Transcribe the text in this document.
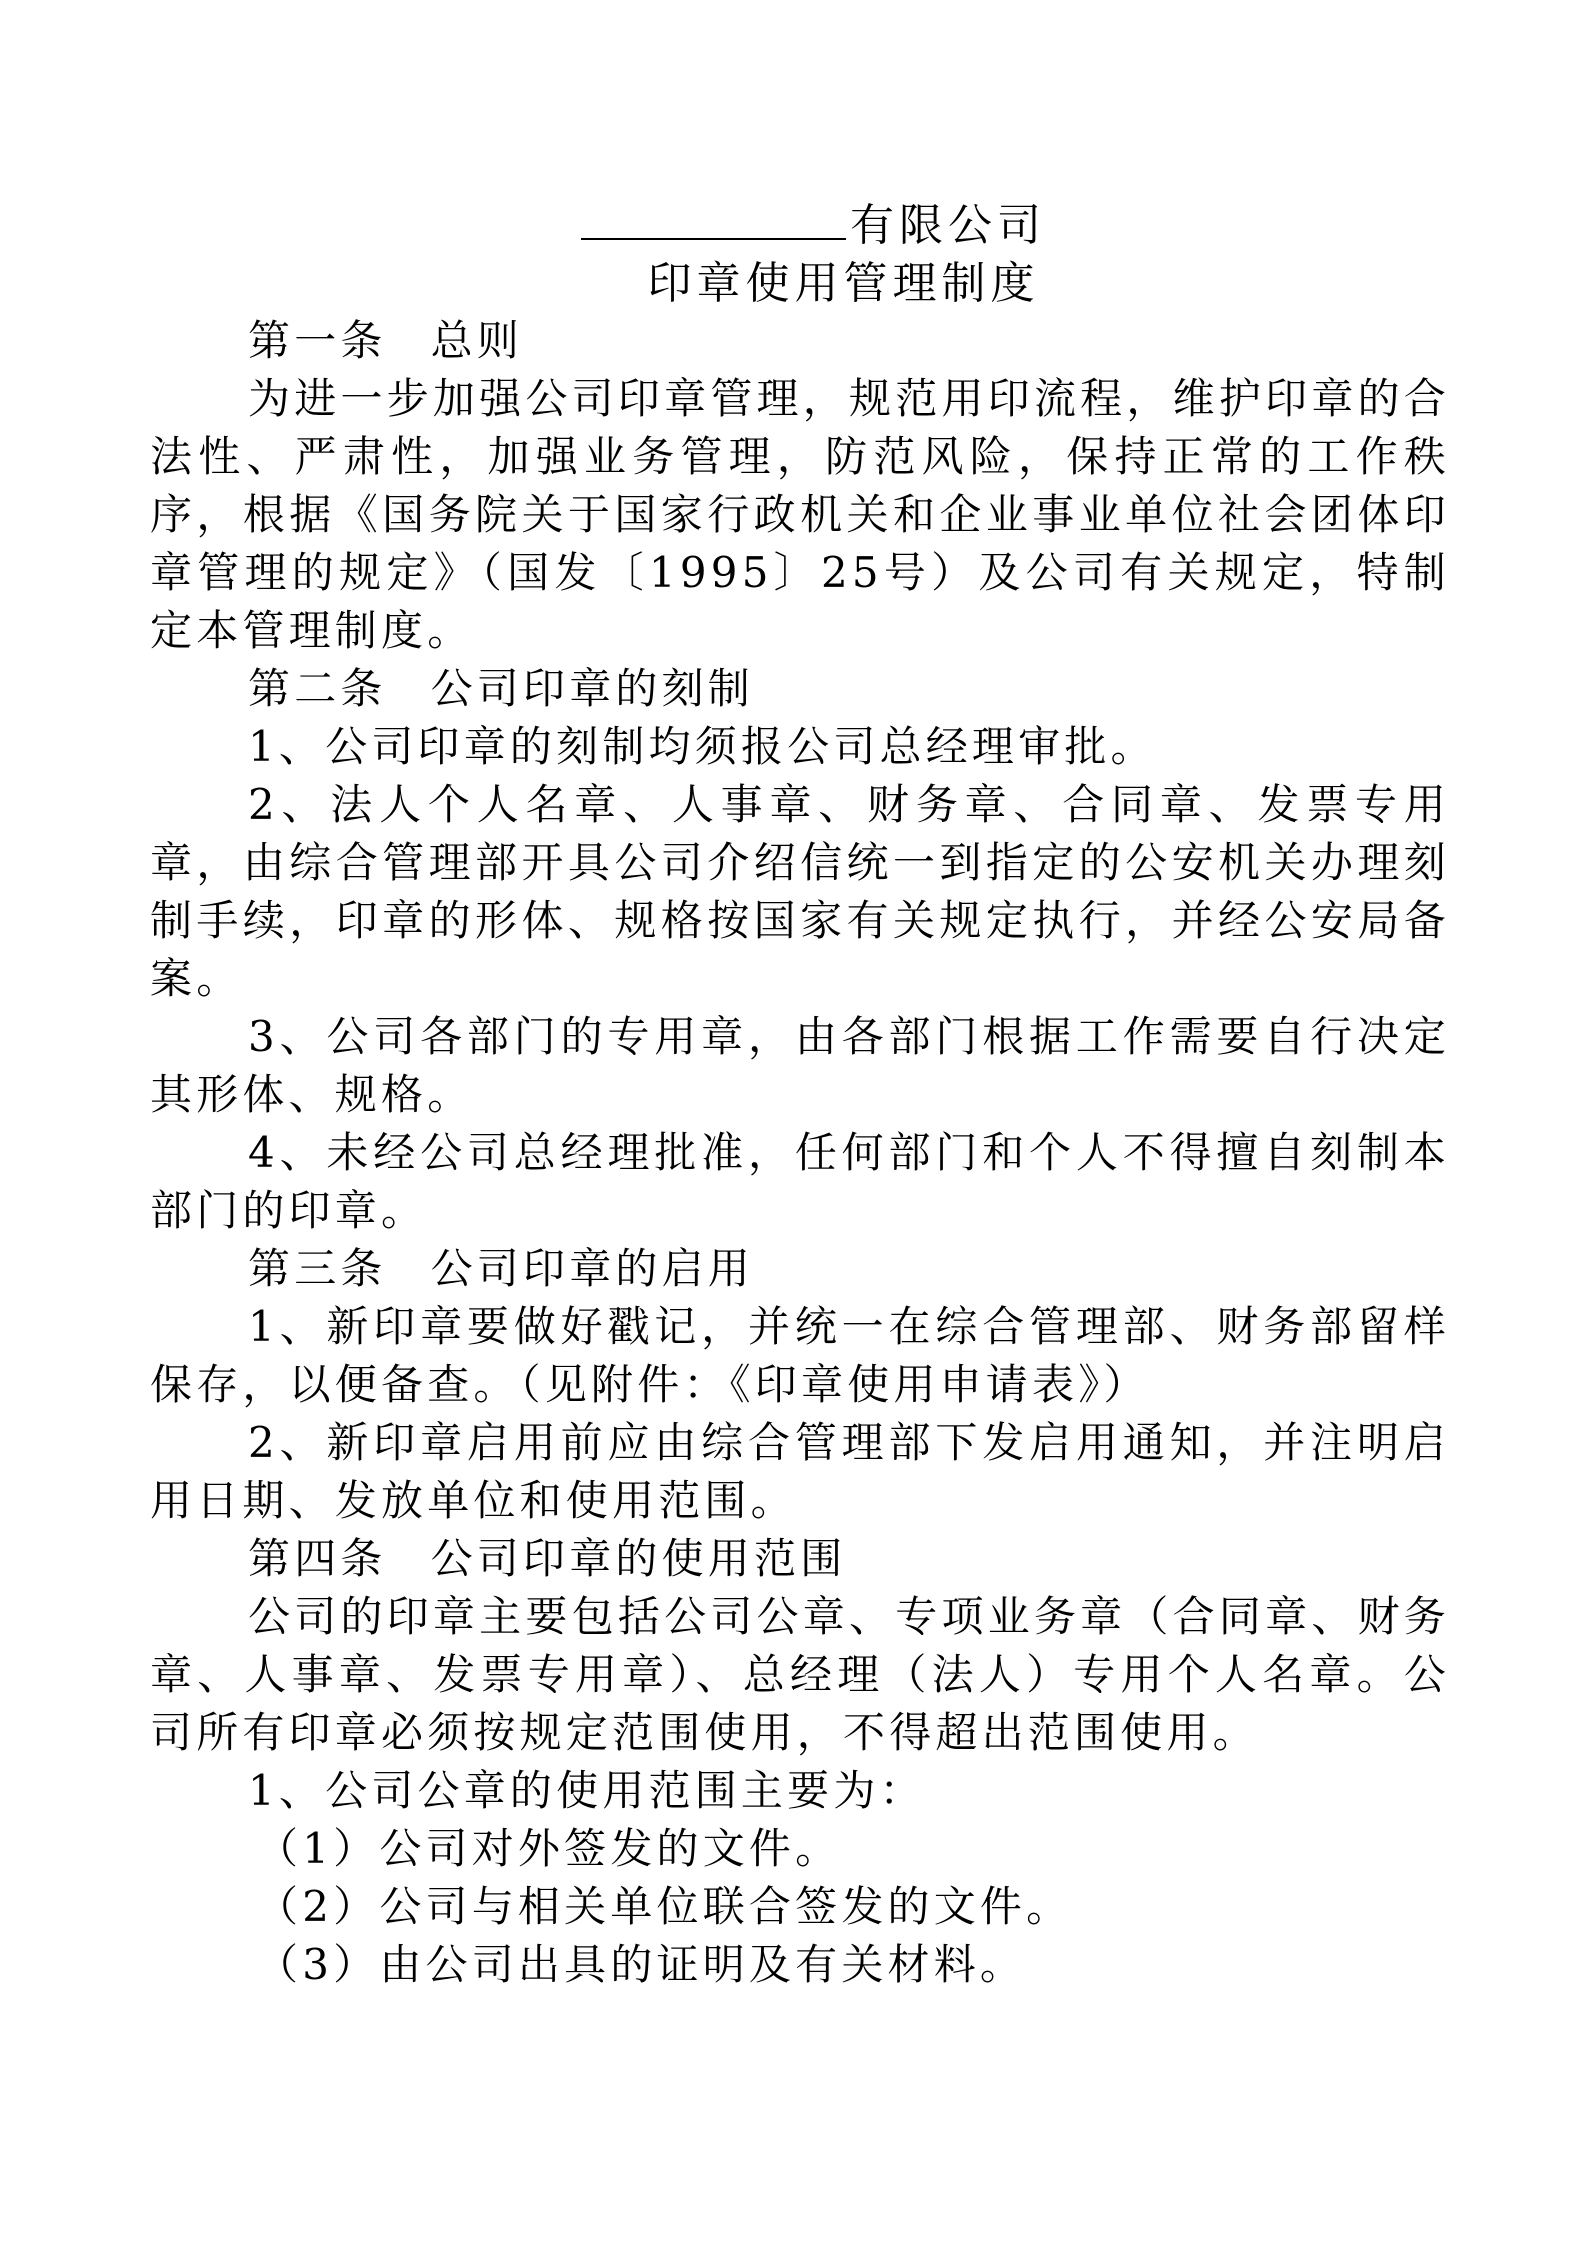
有限公司
印章使用管理制度

第一条 总则

为进一步加强公司印章管理，规范用印流程，维护印章的合法性、严肃性，加强业务管理，防范风险，保持正常的工作秩序，根据《国务院关于国家行政机关和企业事业单位社会团体印章管理的规定》（国发〔1995〕25号）及公司有关规定，特制定本管理制度。

第二条 公司印章的刻制

1、公司印章的刻制均须报公司总经理审批。

2、法人个人名章、人事章、财务章、合同章、发票专用章，由综合管理部开具公司介绍信统一到指定的公安机关办理刻制手续，印章的形体、规格按国家有关规定执行，并经公安局备案。

3、公司各部门的专用章，由各部门根据工作需要自行决定其形体、规格。

4、未经公司总经理批准，任何部门和个人不得擅自刻制本部门的印章。

第三条 公司印章的启用

1、新印章要做好戳记，并统一在综合管理部、财务部留样保存，以便备查。（见附件：《印章使用申请表》）

2、新印章启用前应由综合管理部下发启用通知，并注明启用日期、发放单位和使用范围。

第四条 公司印章的使用范围

公司的印章主要包括公司公章、专项业务章（合同章、财务章、人事章、发票专用章）、总经理（法人）专用个人名章。公司所有印章必须按规定范围使用，不得超出范围使用。

1、公司公章的使用范围主要为：

（1）公司对外签发的文件。

（2）公司与相关单位联合签发的文件。

（3）由公司出具的证明及有关材料。
